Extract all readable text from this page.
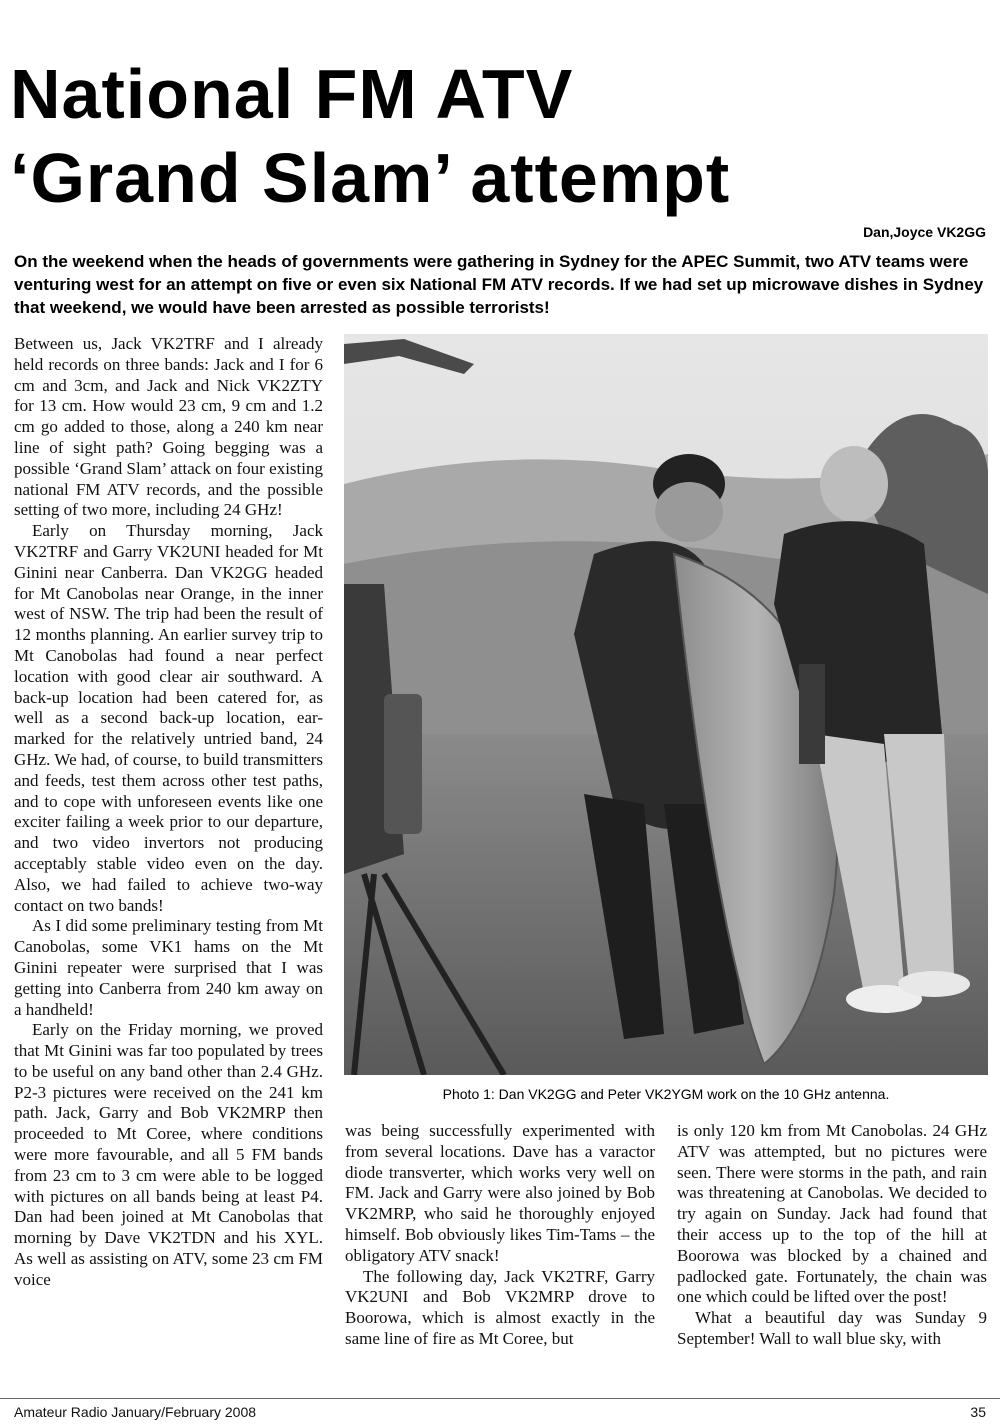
National FM ATV
‘Grand Slam’ attempt
Dan,Joyce VK2GG
On the weekend when the heads of governments were gathering in Sydney for the APEC Summit, two ATV teams were venturing west for an attempt on five or even six National FM ATV records. If we had set up microwave dishes in Sydney that weekend, we would have been arrested as possible terrorists!

Between us, Jack VK2TRF and I already held records on three bands: Jack and I for 6 cm and 3cm, and Jack and Nick VK2ZTY for 13 cm. How would 23 cm, 9 cm and 1.2 cm go added to those, along a 240 km near line of sight path? Going begging was a possible ‘Grand Slam’ attack on four existing national FM ATV records, and the possible setting of two more, including 24 GHz!

Early on Thursday morning, Jack VK2TRF and Garry VK2UNI headed for Mt Ginini near Canberra. Dan VK2GG headed for Mt Canobolas near Orange, in the inner west of NSW. The trip had been the result of 12 months planning. An earlier survey trip to Mt Canobolas had found a near perfect location with good clear air southward. A back-up location had been catered for, as well as a second back-up location, ear-marked for the relatively untried band, 24 GHz. We had, of course, to build transmitters and feeds, test them across other test paths, and to cope with unforeseen events like one exciter failing a week prior to our departure, and two video invertors not producing acceptably stable video even on the day. Also, we had failed to achieve two-way contact on two bands!

As I did some preliminary testing from Mt Canobolas, some VK1 hams on the Mt Ginini repeater were surprised that I was getting into Canberra from 240 km away on a handheld!

Early on the Friday morning, we proved that Mt Ginini was far too populated by trees to be useful on any band other than 2.4 GHz. P2-3 pictures were received on the 241 km path. Jack, Garry and Bob VK2MRP then proceeded to Mt Coree, where conditions were more favourable, and all 5 FM bands from 23 cm to 3 cm were able to be logged with pictures on all bands being at least P4. Dan had been joined at Mt Canobolas that morning by Dave VK2TDN and his XYL. As well as assisting on ATV, some 23 cm FM voice

Photo 1: Dan VK2GG and Peter VK2YGM work on the 10 GHz antenna.

was being successfully experimented with from several locations. Dave has a varactor diode transverter, which works very well on FM. Jack and Garry were also joined by Bob VK2MRP, who said he thoroughly enjoyed himself. Bob obviously likes Tim-Tams – the obligatory ATV snack!

The following day, Jack VK2TRF, Garry VK2UNI and Bob VK2MRP drove to Boorowa, which is almost exactly in the same line of fire as Mt Coree, but

is only 120 km from Mt Canobolas. 24 GHz ATV was attempted, but no pictures were seen. There were storms in the path, and rain was threatening at Canobolas. We decided to try again on Sunday. Jack had found that their access up to the top of the hill at Boorowa was blocked by a chained and padlocked gate. Fortunately, the chain was one which could be lifted over the post!

What a beautiful day was Sunday 9 September! Wall to wall blue sky, with

Amateur Radio January/February 2008	35
